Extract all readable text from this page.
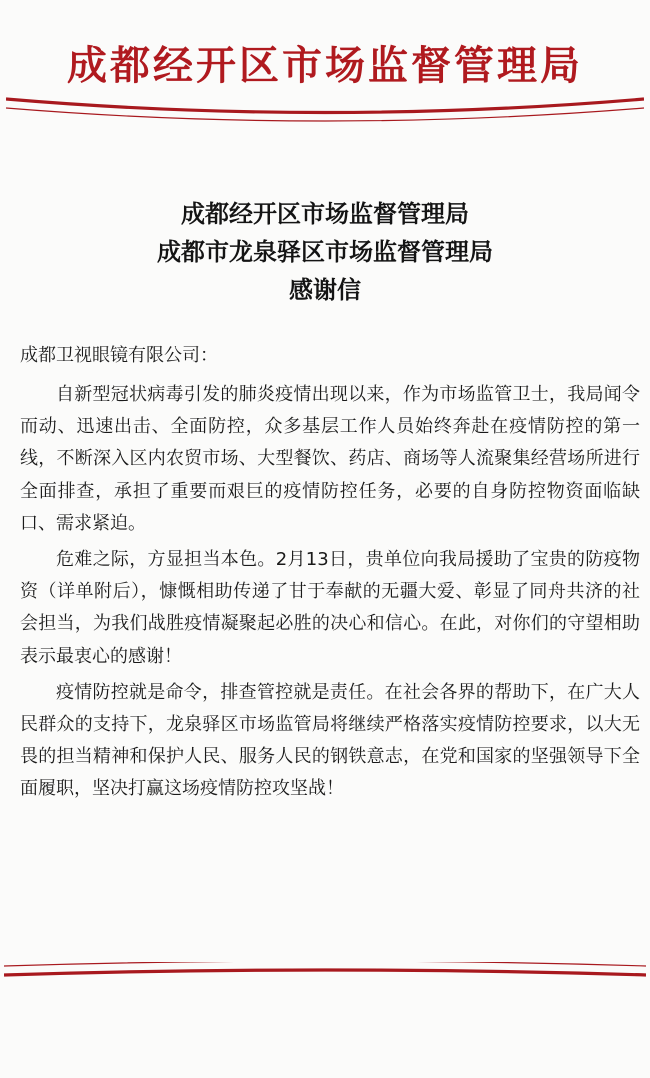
成都经开区市场监督管理局
成都经开区市场监督管理局
成都市龙泉驿区市场监督管理局
感谢信

成都卫视眼镜有限公司：

自新型冠状病毒引发的肺炎疫情出现以来，作为市场监管卫士，我局闻令而动、迅速出击、全面防控，众多基层工作人员始终奔赴在疫情防控的第一线，不断深入区内农贸市场、大型餐饮、药店、商场等人流聚集经营场所进行全面排查，承担了重要而艰巨的疫情防控任务，必要的自身防控物资面临缺口、需求紧迫。

危难之际，方显担当本色。2月13日，贵单位向我局援助了宝贵的防疫物资（详单附后），慷慨相助传递了甘于奉献的无疆大爱、彰显了同舟共济的社会担当，为我们战胜疫情凝聚起必胜的决心和信心。在此，对你们的守望相助表示最衷心的感谢！

疫情防控就是命令，排查管控就是责任。在社会各界的帮助下，在广大人民群众的支持下，龙泉驿区市场监管局将继续严格落实疫情防控要求，以大无畏的担当精神和保护人民、服务人民的钢铁意志，在党和国家的坚强领导下全面履职，坚决打赢这场疫情防控攻坚战！
